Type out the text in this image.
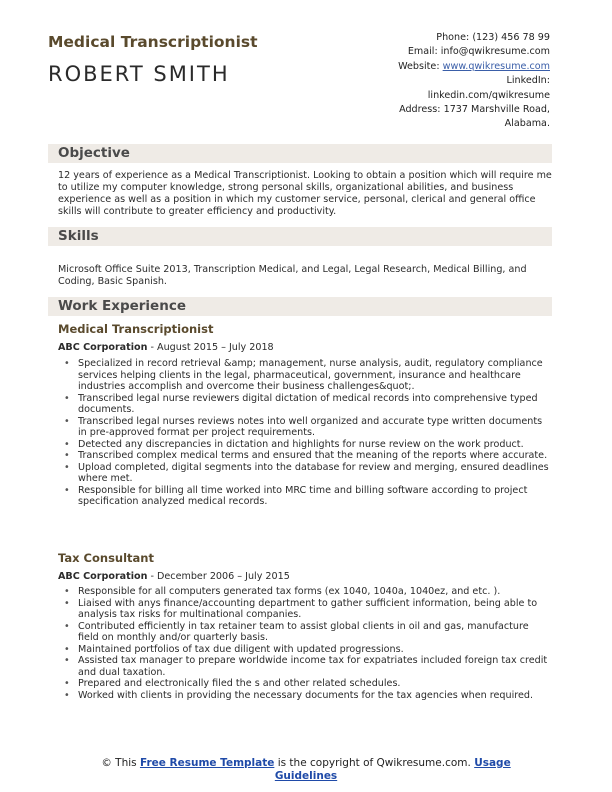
Medical Transcriptionist
ROBERT SMITH
Phone: (123) 456 78 99
Email: info@qwikresume.com
Website: www.qwikresume.com
LinkedIn:
linkedin.com/qwikresume
Address: 1737 Marshville Road,
Alabama.
Objective
12 years of experience as a Medical Transcriptionist. Looking to obtain a position which will require me to utilize my computer knowledge, strong personal skills, organizational abilities, and business experience as well as a position in which my customer service, personal, clerical and general office skills will contribute to greater efficiency and productivity.
Skills
Microsoft Office Suite 2013, Transcription Medical, and Legal, Legal Research, Medical Billing, and Coding, Basic Spanish.
Work Experience
Medical Transcriptionist
ABC Corporation - August 2015 – July 2018
• Specialized in record retrieval &amp; management, nurse analysis, audit, regulatory compliance services helping clients in the legal, pharmaceutical, government, insurance and healthcare industries accomplish and overcome their business challenges&quot;.
• Transcribed legal nurse reviewers digital dictation of medical records into comprehensive typed documents.
• Transcribed legal nurses reviews notes into well organized and accurate type written documents in pre-approved format per project requirements.
• Detected any discrepancies in dictation and highlights for nurse review on the work product.
• Transcribed complex medical terms and ensured that the meaning of the reports where accurate.
• Upload completed, digital segments into the database for review and merging, ensured deadlines where met.
• Responsible for billing all time worked into MRC time and billing software according to project specification analyzed medical records.
Tax Consultant
ABC Corporation - December 2006 – July 2015
• Responsible for all computers generated tax forms (ex 1040, 1040a, 1040ez, and etc. ).
• Liaised with anys finance/accounting department to gather sufficient information, being able to analysis tax risks for multinational companies.
• Contributed efficiently in tax retainer team to assist global clients in oil and gas, manufacture field on monthly and/or quarterly basis.
• Maintained portfolios of tax due diligent with updated progressions.
• Assisted tax manager to prepare worldwide income tax for expatriates included foreign tax credit and dual taxation.
• Prepared and electronically filed the s and other related schedules.
• Worked with clients in providing the necessary documents for the tax agencies when required.
© This Free Resume Template is the copyright of Qwikresume.com. Usage
Guidelines
